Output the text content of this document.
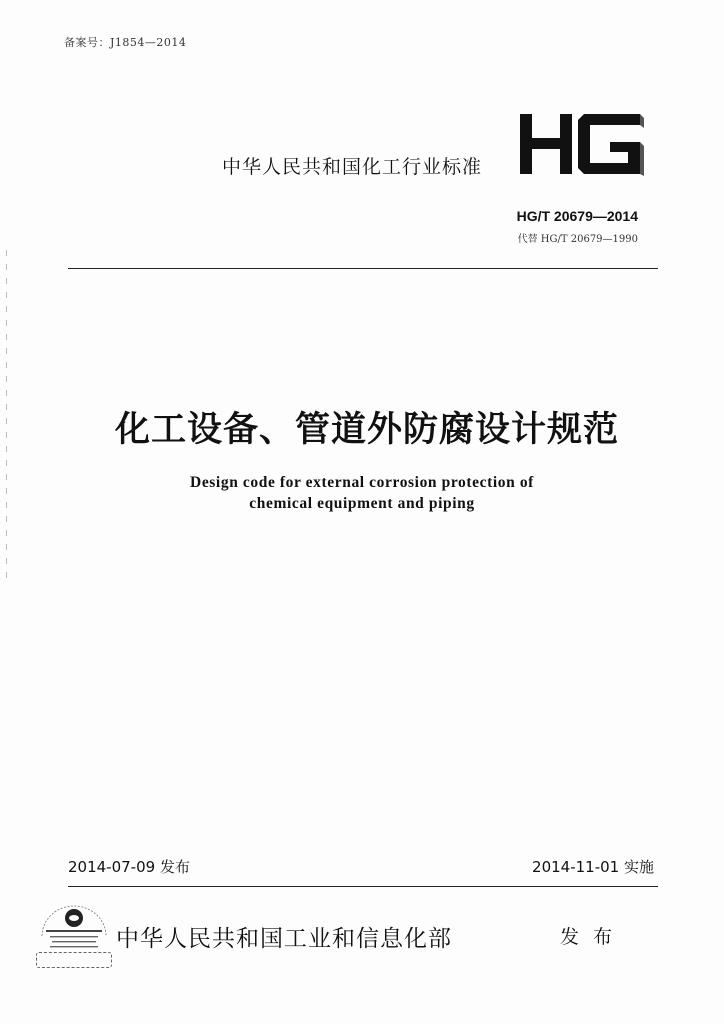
备案号：J1854—2014
中华人民共和国化工行业标准
HG/T 20679—2014
代替 HG/T 20679—1990
化工设备、管道外防腐设计规范
Design code for external corrosion protection of
chemical equipment and piping
2014-07-09 发布	2014-11-01 实施
中华人民共和国工业和信息化部	发 布
